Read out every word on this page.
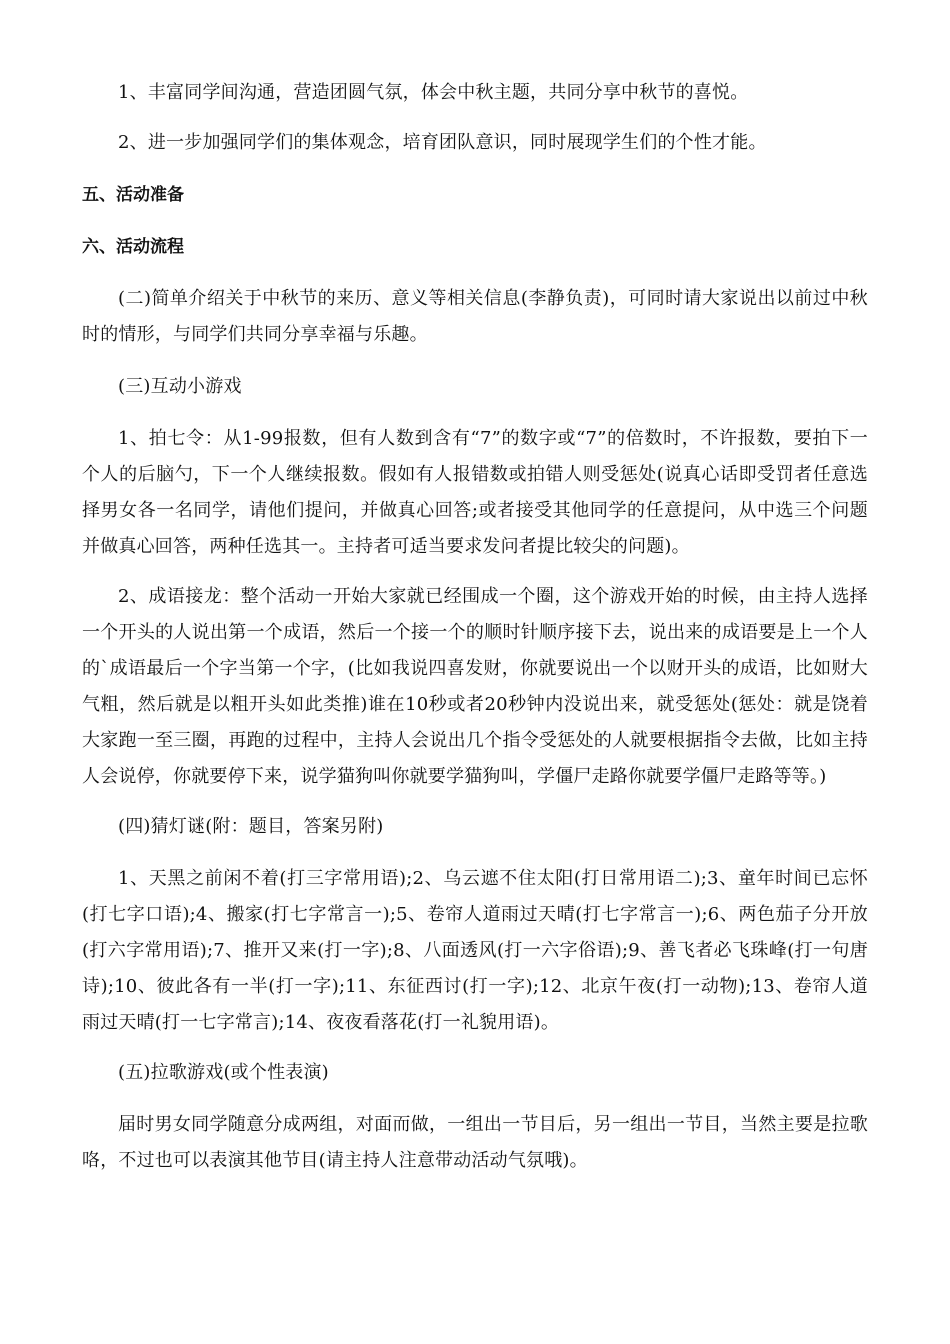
1、丰富同学间沟通，营造团圆气氛，体会中秋主题，共同分享中秋节的喜悦。

2、进一步加强同学们的集体观念，培育团队意识，同时展现学生们的个性才能。

五、活动准备

六、活动流程

(二)简单介绍关于中秋节的来历、意义等相关信息(李静负责)，可同时请大家说出以前过中秋时的情形，与同学们共同分享幸福与乐趣。

(三)互动小游戏

1、拍七令：从1-99报数，但有人数到含有“7”的数字或“7”的倍数时，不许报数，要拍下一个人的后脑勺，下一个人继续报数。假如有人报错数或拍错人则受惩处(说真心话即受罚者任意选择男女各一名同学，请他们提问，并做真心回答;或者接受其他同学的任意提问，从中选三个问题并做真心回答，两种任选其一。主持者可适当要求发问者提比较尖的问题)。

2、成语接龙：整个活动一开始大家就已经围成一个圈，这个游戏开始的时候，由主持人选择一个开头的人说出第一个成语，然后一个接一个的顺时针顺序接下去，说出来的成语要是上一个人的`成语最后一个字当第一个字，(比如我说四喜发财，你就要说出一个以财开头的成语，比如财大气粗，然后就是以粗开头如此类推)谁在10秒或者20秒钟内没说出来，就受惩处(惩处：就是饶着大家跑一至三圈，再跑的过程中，主持人会说出几个指令受惩处的人就要根据指令去做，比如主持人会说停，你就要停下来，说学猫狗叫你就要学猫狗叫，学僵尸走路你就要学僵尸走路等等。)

(四)猜灯谜(附：题目，答案另附)

1、天黑之前闲不着(打三字常用语);2、乌云遮不住太阳(打日常用语二);3、童年时间已忘怀(打七字口语);4、搬家(打七字常言一);5、卷帘人道雨过天晴(打七字常言一);6、两色茄子分开放(打六字常用语);7、推开又来(打一字);8、八面透风(打一六字俗语);9、善飞者必飞珠峰(打一句唐诗);10、彼此各有一半(打一字);11、东征西讨(打一字);12、北京午夜(打一动物);13、卷帘人道雨过天晴(打一七字常言);14、夜夜看落花(打一礼貌用语)。

(五)拉歌游戏(或个性表演)

届时男女同学随意分成两组，对面而做，一组出一节目后，另一组出一节目，当然主要是拉歌咯，不过也可以表演其他节目(请主持人注意带动活动气氛哦)。
